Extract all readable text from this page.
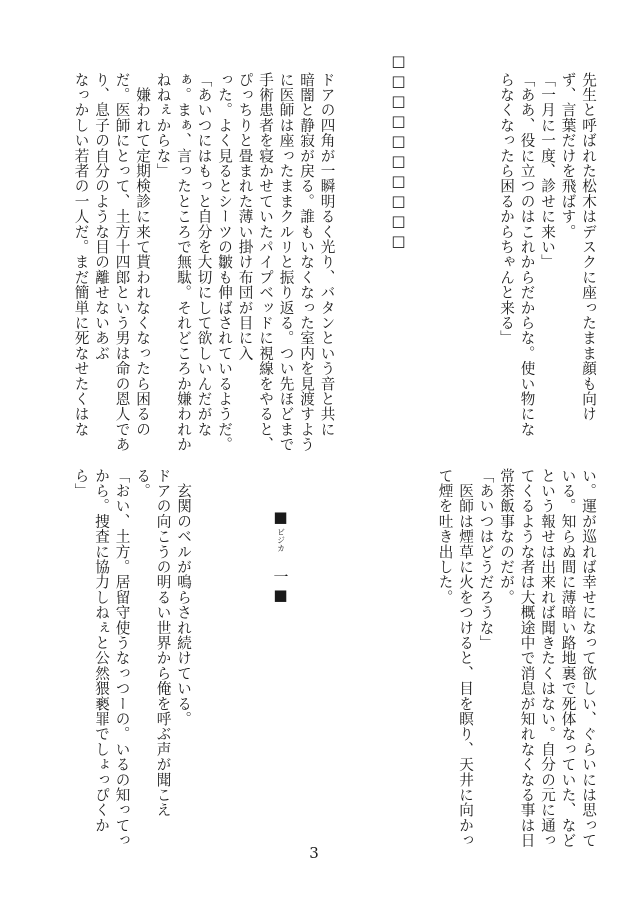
先生と呼ばれた松木はデスクに座ったまま顔も向け
ず、言葉だけを飛ばす。
「一月に一度、診せに来い」
「ああ、役に立つのはこれからだからな。使い物にな
らなくなったら困るからちゃんと来る」
□□□□□□□□□□
ドアの四角が一瞬明るく光り、バタンという音と共に
暗闇と静寂が戻る。誰もいなくなった室内を見渡すよう
に医師は座ったままクルリと振り返る。つい先ほどまで
手術患者を寝かせていたパイプベッドに視線をやると、
ぴっちりと畳まれた薄い掛け布団が目に入
った。よく見るとシーツの皺も伸ばされているようだ。
「あいつにはもっと自分を大切にして欲しいんだがな
ぁ。まぁ、言ったところで無駄。それどころか嫌われか
ねねぇからな」
　嫌われて定期検診に来て貰われなくなったら困るの
だ。医師にとって、土方十四郎という男は命の恩人であ
り、息子の自分のような目の離せないあぶ
なっかしい若者の一人だ。まだ簡単に死なせたくはな
い。運が巡れば幸せになって欲しい、ぐらいには思って
いる。知らぬ間に薄暗い路地裏で死体なっていた、など
という報せは出来れば聞きたくはない。自分の元に通っ
てくるような者は大概途中で消息が知れなくなる事は日
常茶飯事なのだが。
「あいつはどうだろうな」
　医師は煙草に火をつけると、目を瞑り、天井に向かっ
て煙を吐き出した。
■ビジカ　一■
　玄関のベルが鳴らされ続けている。
ドアの向こうの明るい世界から俺を呼ぶ声が聞こえ
る。
「おい、土方。居留守使うなっつーの。いるの知ってっ
から。捜査に協力しねぇと公然猥褻罪でしょっぴくか
ら」
3
